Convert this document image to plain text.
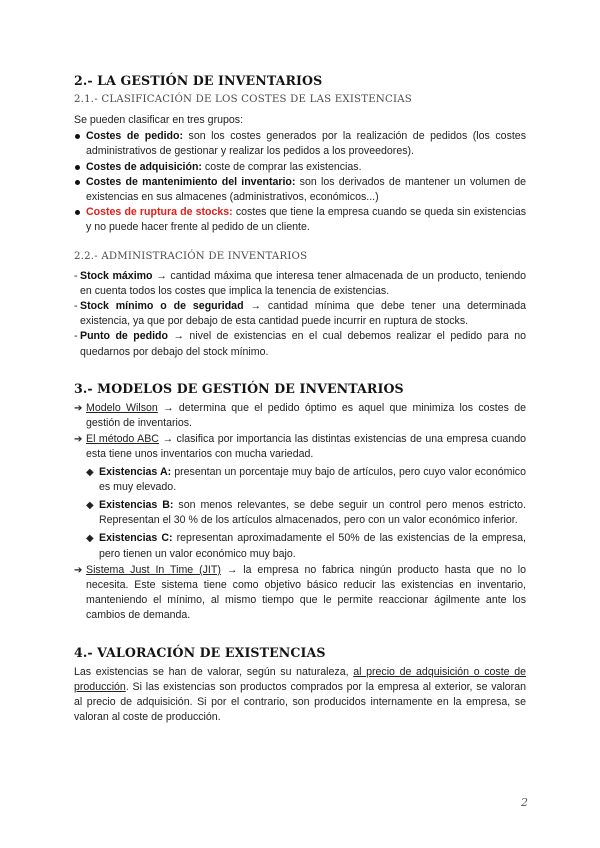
2.- LA GESTIÓN DE INVENTARIOS
2.1.- CLASIFICACIÓN DE LOS COSTES DE LAS EXISTENCIAS
Se pueden clasificar en tres grupos:
Costes de pedido: son los costes generados por la realización de pedidos (los costes administrativos de gestionar y realizar los pedidos a los proveedores).
Costes de adquisición: coste de comprar las existencias.
Costes de mantenimiento del inventario: son los derivados de mantener un volumen de existencias en sus almacenes (administrativos, económicos...)
Costes de ruptura de stocks: costes que tiene la empresa cuando se queda sin existencias y no puede hacer frente al pedido de un cliente.
2.2.- ADMINISTRACIÓN DE INVENTARIOS
- Stock máximo → cantidad máxima que interesa tener almacenada de un producto, teniendo en cuenta todos los costes que implica la tenencia de existencias.
- Stock mínimo o de seguridad → cantidad mínima que debe tener una determinada existencia, ya que por debajo de esta cantidad puede incurrir en ruptura de stocks.
- Punto de pedido → nivel de existencias en el cual debemos realizar el pedido para no quedarnos por debajo del stock mínimo.
3.- MODELOS DE GESTIÓN DE INVENTARIOS
➔ Modelo Wilson → determina que el pedido óptimo es aquel que minimiza los costes de gestión de inventarios.
➔ El método ABC → clasifica por importancia las distintas existencias de una empresa cuando esta tiene unos inventarios con mucha variedad.
◆ Existencias A: presentan un porcentaje muy bajo de artículos, pero cuyo valor económico es muy elevado.
◆ Existencias B: son menos relevantes, se debe seguir un control pero menos estricto. Representan el 30 % de los artículos almacenados, pero con un valor económico inferior.
◆ Existencias C: representan aproximadamente el 50% de las existencias de la empresa, pero tienen un valor económico muy bajo.
➔ Sistema Just In Time (JIT) → la empresa no fabrica ningún producto hasta que no lo necesita. Este sistema tiene como objetivo básico reducir las existencias en inventario, manteniendo el mínimo, al mismo tiempo que le permite reaccionar ágilmente ante los cambios de demanda.
4.- VALORACIÓN DE EXISTENCIAS
Las existencias se han de valorar, según su naturaleza, al precio de adquisición o coste de producción. Si las existencias son productos comprados por la empresa al exterior, se valoran al precio de adquisición. Si por el contrario, son producidos internamente en la empresa, se valoran al coste de producción.
2
